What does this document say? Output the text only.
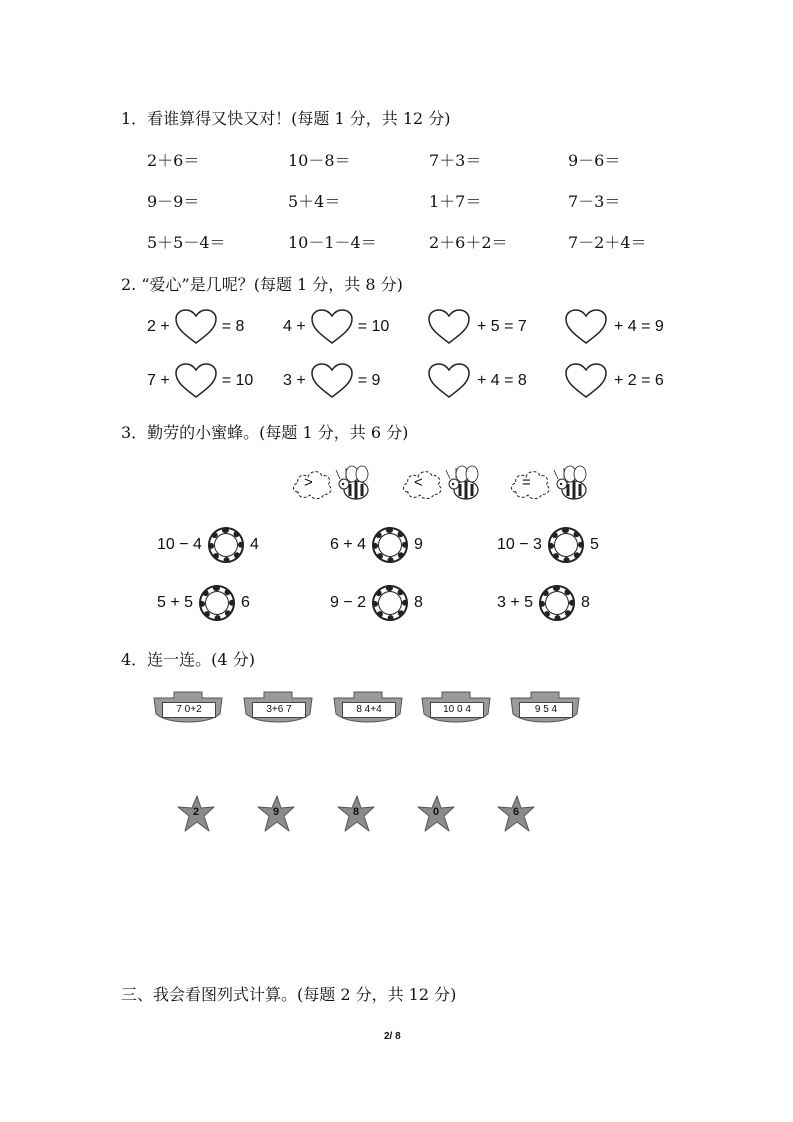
1．看谁算得又快又对！(每题 1 分，共 12 分)
2＋6＝	10－8＝	7＋3＝	9－6＝
9－9＝	5＋4＝	1＋7＝	7－3＝
5＋5－4＝	10－1－4＝	2＋6＋2＝	7－2＋4＝
2. “爱心”是几呢？(每题 1 分，共 8 分)
2 +	= 8 4 +	= 10	+ 5 = 7	+ 4 = 9
7 +	= 10 3 +	= 9	+ 4 = 8	+ 2 = 6
3．勤劳的小蜜蜂。(每题 1 分，共 6 分)
>	<	=
10 − 4	4	6 + 4	9	10 − 3	5
5 + 5	6	9 − 2	8	3 + 5	8
4．连一连。(4 分)
7 0+2	3+6 7	8 4+4	10 0 4	9 5 4
2	9	8	0	6
三、我会看图列式计算。(每题 2 分，共 12 分)
2/ 8
